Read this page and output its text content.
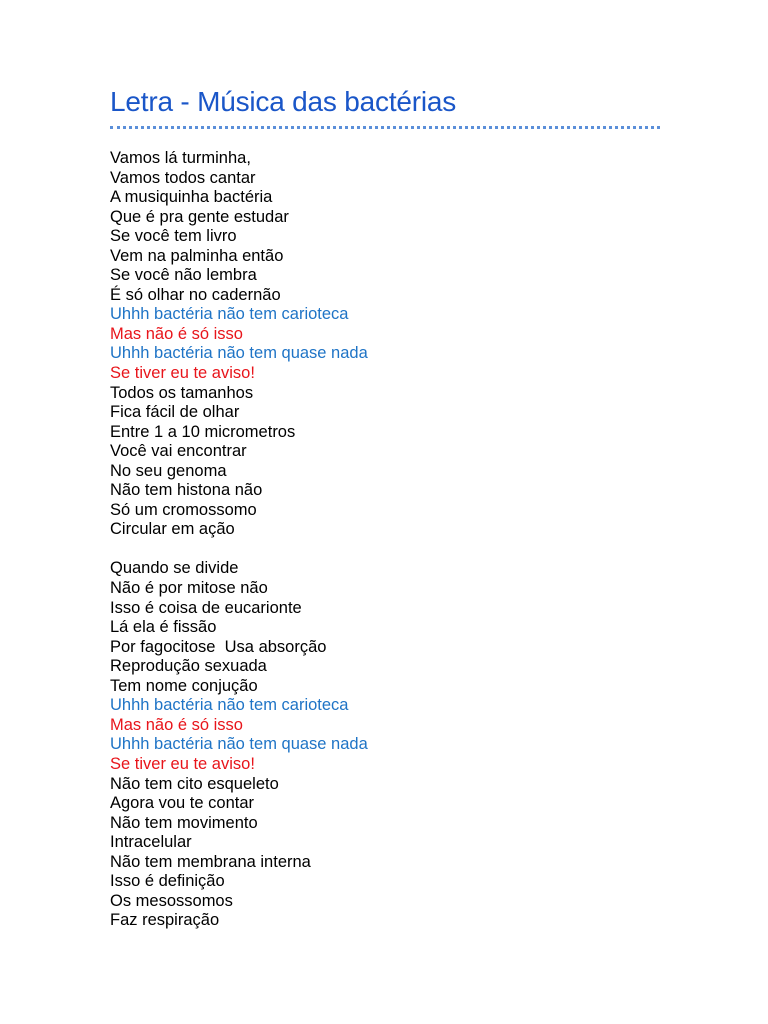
Letra - Música das bactérias
Vamos lá turminha,
Vamos todos cantar
A musiquinha bactéria
Que é pra gente estudar
Se você tem livro
Vem na palminha então
Se você não lembra
É só olhar no cadernão
Uhhh bactéria não tem carioteca
Mas não é só isso
Uhhh bactéria não tem quase nada
Se tiver eu te aviso!
Todos os tamanhos
Fica fácil de olhar
Entre 1 a 10 micrometros
Você vai encontrar
No seu genoma
Não tem histona não
Só um cromossomo
Circular em ação
Quando se divide
Não é por mitose não
Isso é coisa de eucarionte
Lá ela é fissão
Por fagocitose  Usa absorção
Reprodução sexuada
Tem nome conjução
Uhhh bactéria não tem carioteca
Mas não é só isso
Uhhh bactéria não tem quase nada
Se tiver eu te aviso!
Não tem cito esqueleto
Agora vou te contar
Não tem movimento
Intracelular
Não tem membrana interna
Isso é definição
Os mesossomos
Faz respiração
